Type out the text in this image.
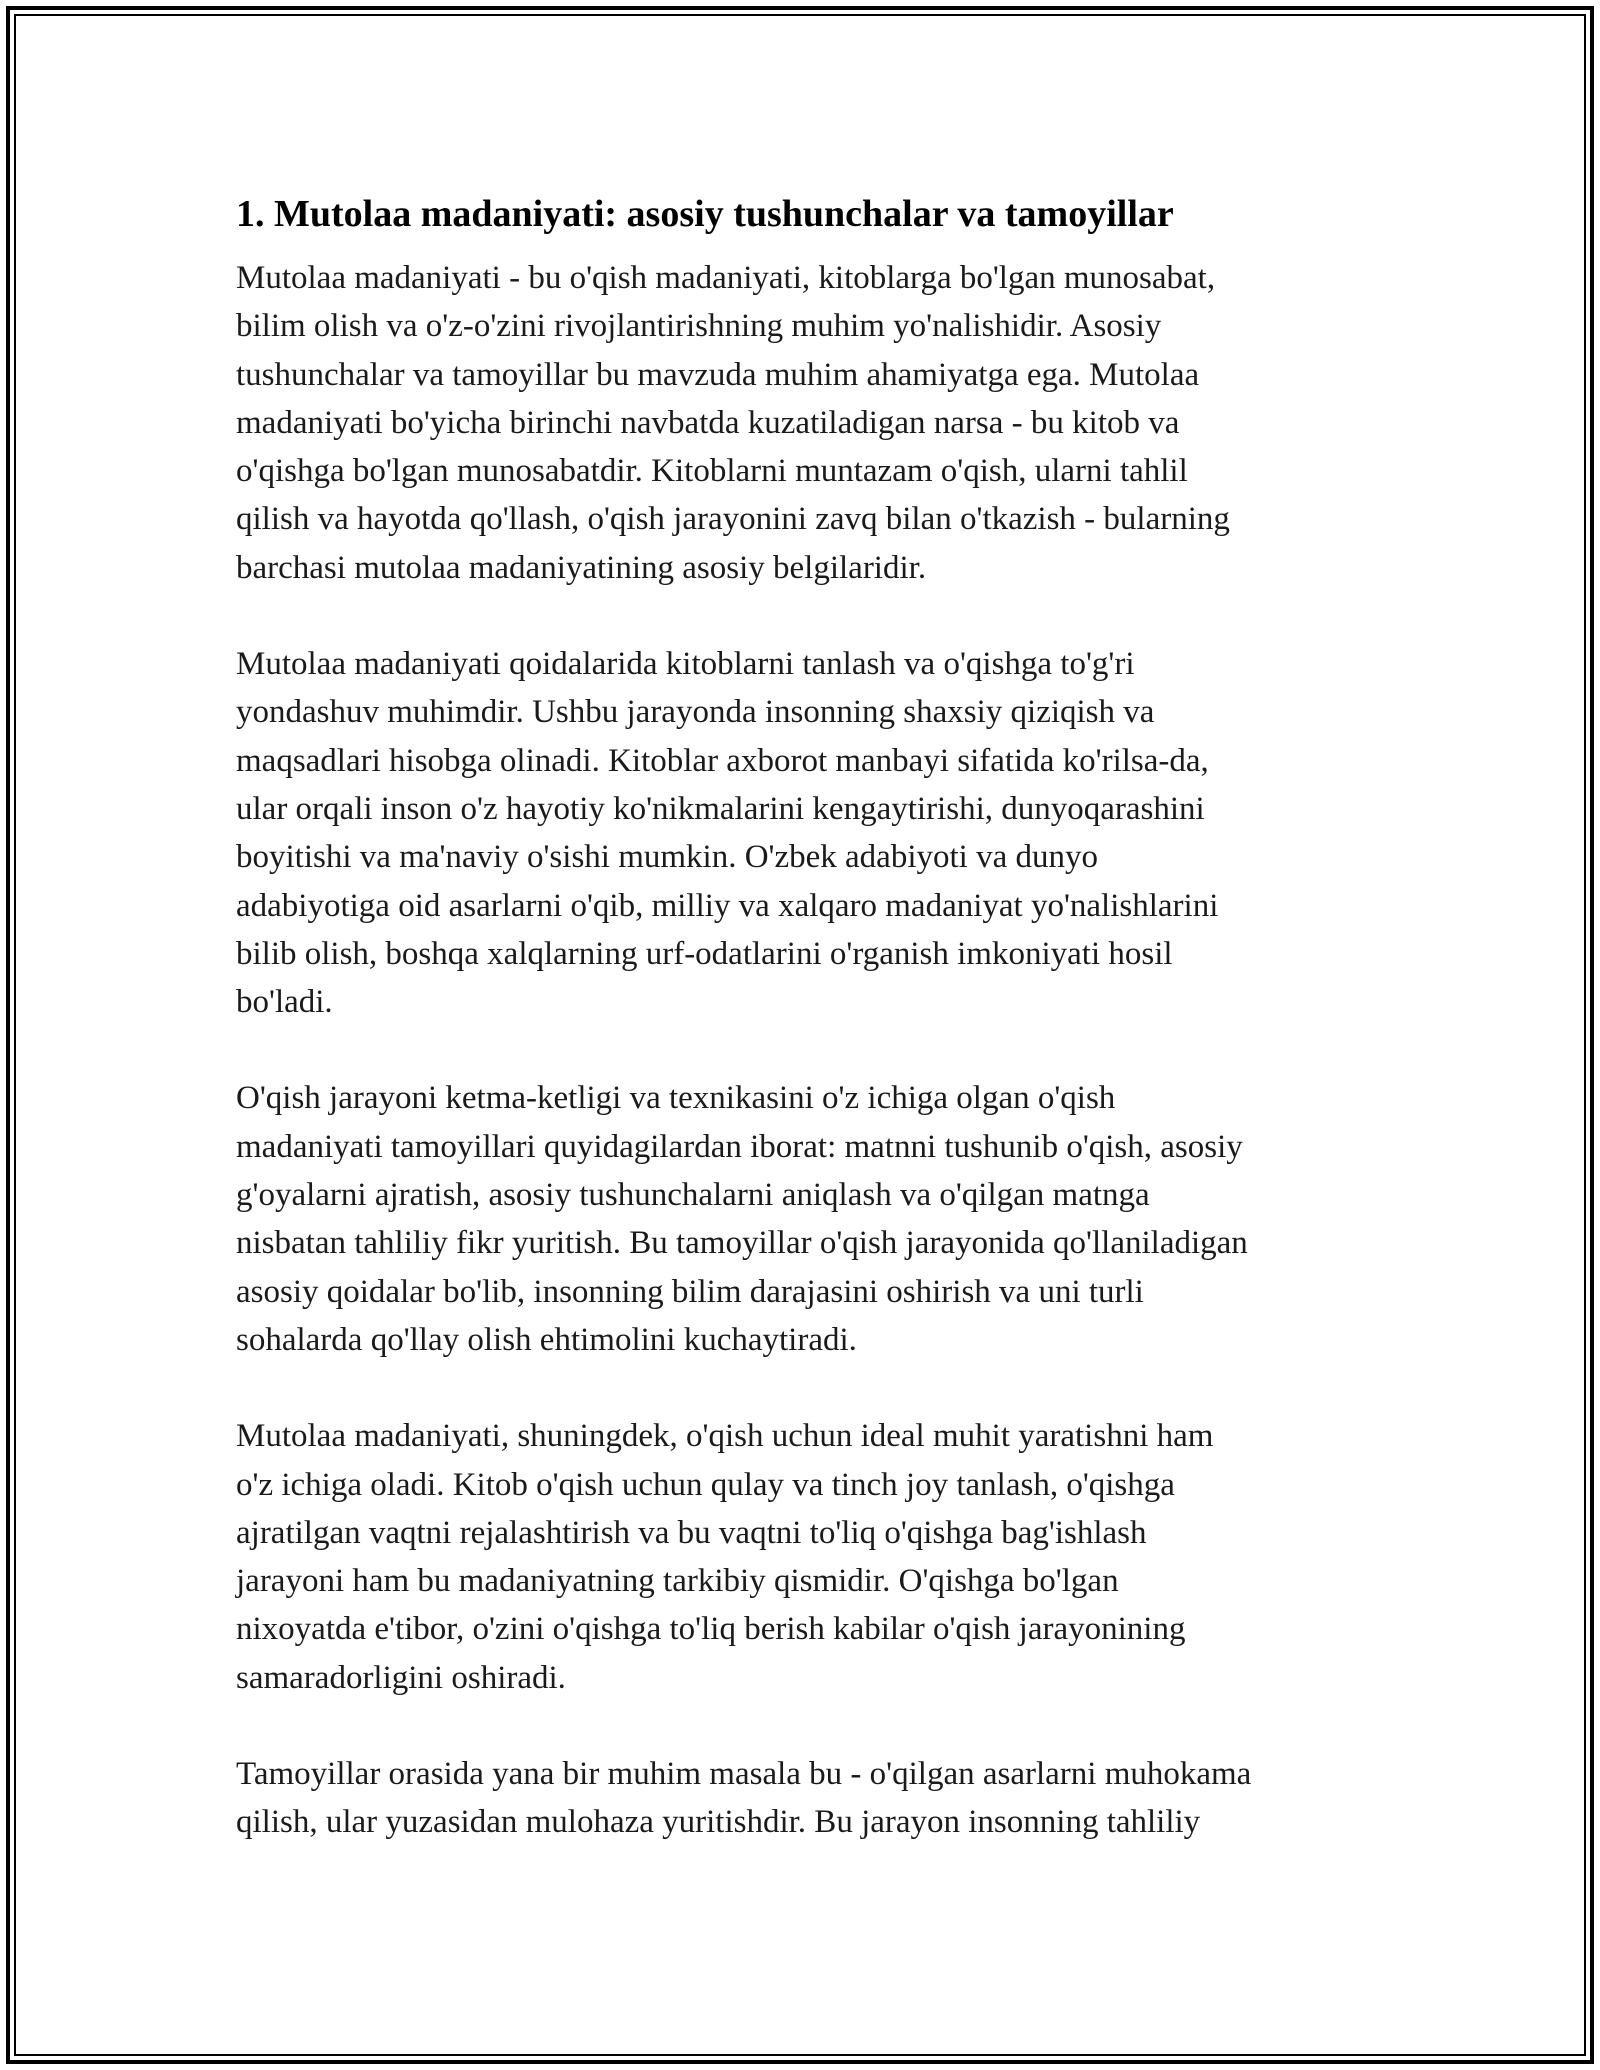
1. Mutolaa madaniyati: asosiy tushunchalar va tamoyillar

Mutolaa madaniyati - bu o'qish madaniyati, kitoblarga bo'lgan munosabat,
bilim olish va o'z-o'zini rivojlantirishning muhim yo'nalishidir. Asosiy
tushunchalar va tamoyillar bu mavzuda muhim ahamiyatga ega. Mutolaa
madaniyati bo'yicha birinchi navbatda kuzatiladigan narsa - bu kitob va
o'qishga bo'lgan munosabatdir. Kitoblarni muntazam o'qish, ularni tahlil
qilish va hayotda qo'llash, o'qish jarayonini zavq bilan o'tkazish - bularning
barchasi mutolaa madaniyatining asosiy belgilaridir.

Mutolaa madaniyati qoidalarida kitoblarni tanlash va o'qishga to'g'ri
yondashuv muhimdir. Ushbu jarayonda insonning shaxsiy qiziqish va
maqsadlari hisobga olinadi. Kitoblar axborot manbayi sifatida ko'rilsa-da,
ular orqali inson o'z hayotiy ko'nikmalarini kengaytirishi, dunyoqarashini
boyitishi va ma'naviy o'sishi mumkin. O'zbek adabiyoti va dunyo
adabiyotiga oid asarlarni o'qib, milliy va xalqaro madaniyat yo'nalishlarini
bilib olish, boshqa xalqlarning urf-odatlarini o'rganish imkoniyati hosil
bo'ladi.

O'qish jarayoni ketma-ketligi va texnikasini o'z ichiga olgan o'qish
madaniyati tamoyillari quyidagilardan iborat: matnni tushunib o'qish, asosiy
g'oyalarni ajratish, asosiy tushunchalarni aniqlash va o'qilgan matnga
nisbatan tahliliy fikr yuritish. Bu tamoyillar o'qish jarayonida qo'llaniladigan
asosiy qoidalar bo'lib, insonning bilim darajasini oshirish va uni turli
sohalarda qo'llay olish ehtimolini kuchaytiradi.

Mutolaa madaniyati, shuningdek, o'qish uchun ideal muhit yaratishni ham
o'z ichiga oladi. Kitob o'qish uchun qulay va tinch joy tanlash, o'qishga
ajratilgan vaqtni rejalashtirish va bu vaqtni to'liq o'qishga bag'ishlash
jarayoni ham bu madaniyatning tarkibiy qismidir. O'qishga bo'lgan
nixoyatda e'tibor, o'zini o'qishga to'liq berish kabilar o'qish jarayonining
samaradorligini oshiradi.

Tamoyillar orasida yana bir muhim masala bu - o'qilgan asarlarni muhokama
qilish, ular yuzasidan mulohaza yuritishdir. Bu jarayon insonning tahliliy
